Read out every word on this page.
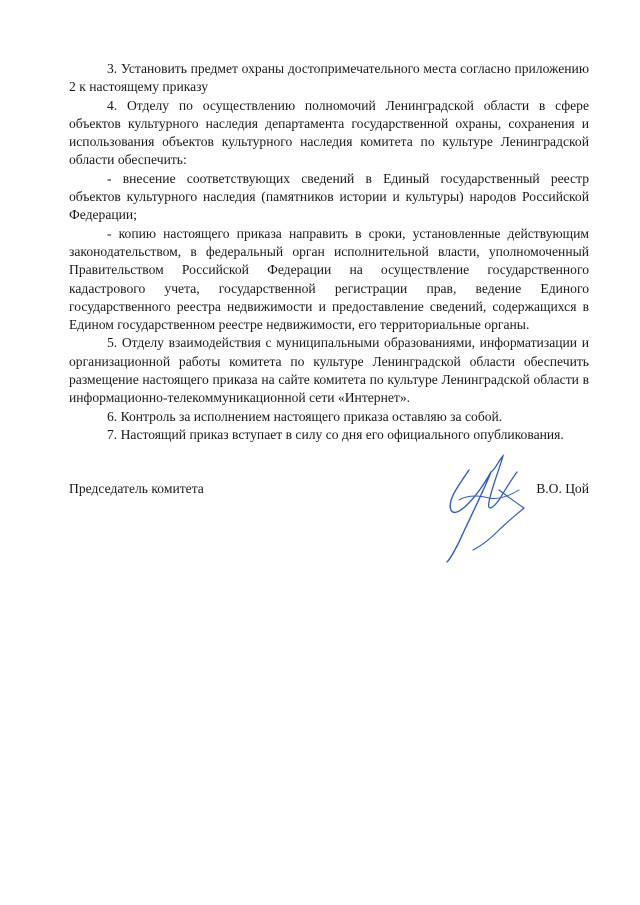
3. Установить предмет охраны достопримечательного места согласно приложению 2 к настоящему приказу

4. Отделу по осуществлению полномочий Ленинградской области в сфере объектов культурного наследия департамента государственной охраны, сохранения и использования объектов культурного наследия комитета по культуре Ленинградской области обеспечить:

- внесение соответствующих сведений в Единый государственный реестр объектов культурного наследия (памятников истории и культуры) народов Российской Федерации;

- копию настоящего приказа направить в сроки, установленные действующим законодательством, в федеральный орган исполнительной власти, уполномоченный Правительством Российской Федерации на осуществление государственного кадастрового учета, государственной регистрации прав, ведение Единого государственного реестра недвижимости и предоставление сведений, содержащихся в Едином государственном реестре недвижимости, его территориальные органы.

5. Отделу взаимодействия с муниципальными образованиями, информатизации и организационной работы комитета по культуре Ленинградской области обеспечить размещение настоящего приказа на сайте комитета по культуре Ленинградской области в информационно-телекоммуникационной сети «Интернет».

6. Контроль за исполнением настоящего приказа оставляю за собой.

7. Настоящий приказ вступает в силу со дня его официального опубликования.

Председатель комитета	В.О. Цой
